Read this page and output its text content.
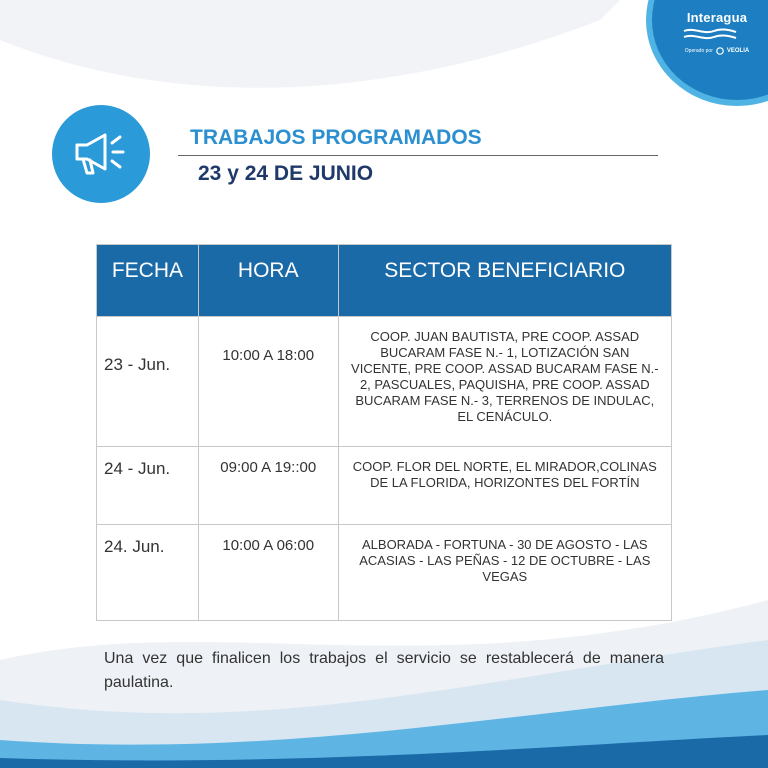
Interagua
Operado por VEOLIA
TRABAJOS PROGRAMADOS
23 y 24 DE JUNIO
FECHA	HORA	SECTOR BENEFICIARIO
23 - Jun.	10:00 A 18:00	COOP. JUAN BAUTISTA, PRE COOP. ASSAD BUCARAM FASE N.- 1, LOTIZACIÓN SAN VICENTE, PRE COOP. ASSAD BUCARAM FASE N.- 2, PASCUALES, PAQUISHA, PRE COOP. ASSAD BUCARAM FASE N.- 3, TERRENOS DE INDULAC, EL CENÁCULO.
24 - Jun.	09:00 A 19::00	COOP. FLOR DEL NORTE, EL MIRADOR,COLINAS DE LA FLORIDA, HORIZONTES DEL FORTÍN
24. Jun.	10:00 A 06:00	ALBORADA - FORTUNA - 30 DE AGOSTO - LAS ACASIAS - LAS PEÑAS - 12 DE OCTUBRE - LAS VEGAS

Una vez que finalicen los trabajos el servicio se restablecerá de manera paulatina.
